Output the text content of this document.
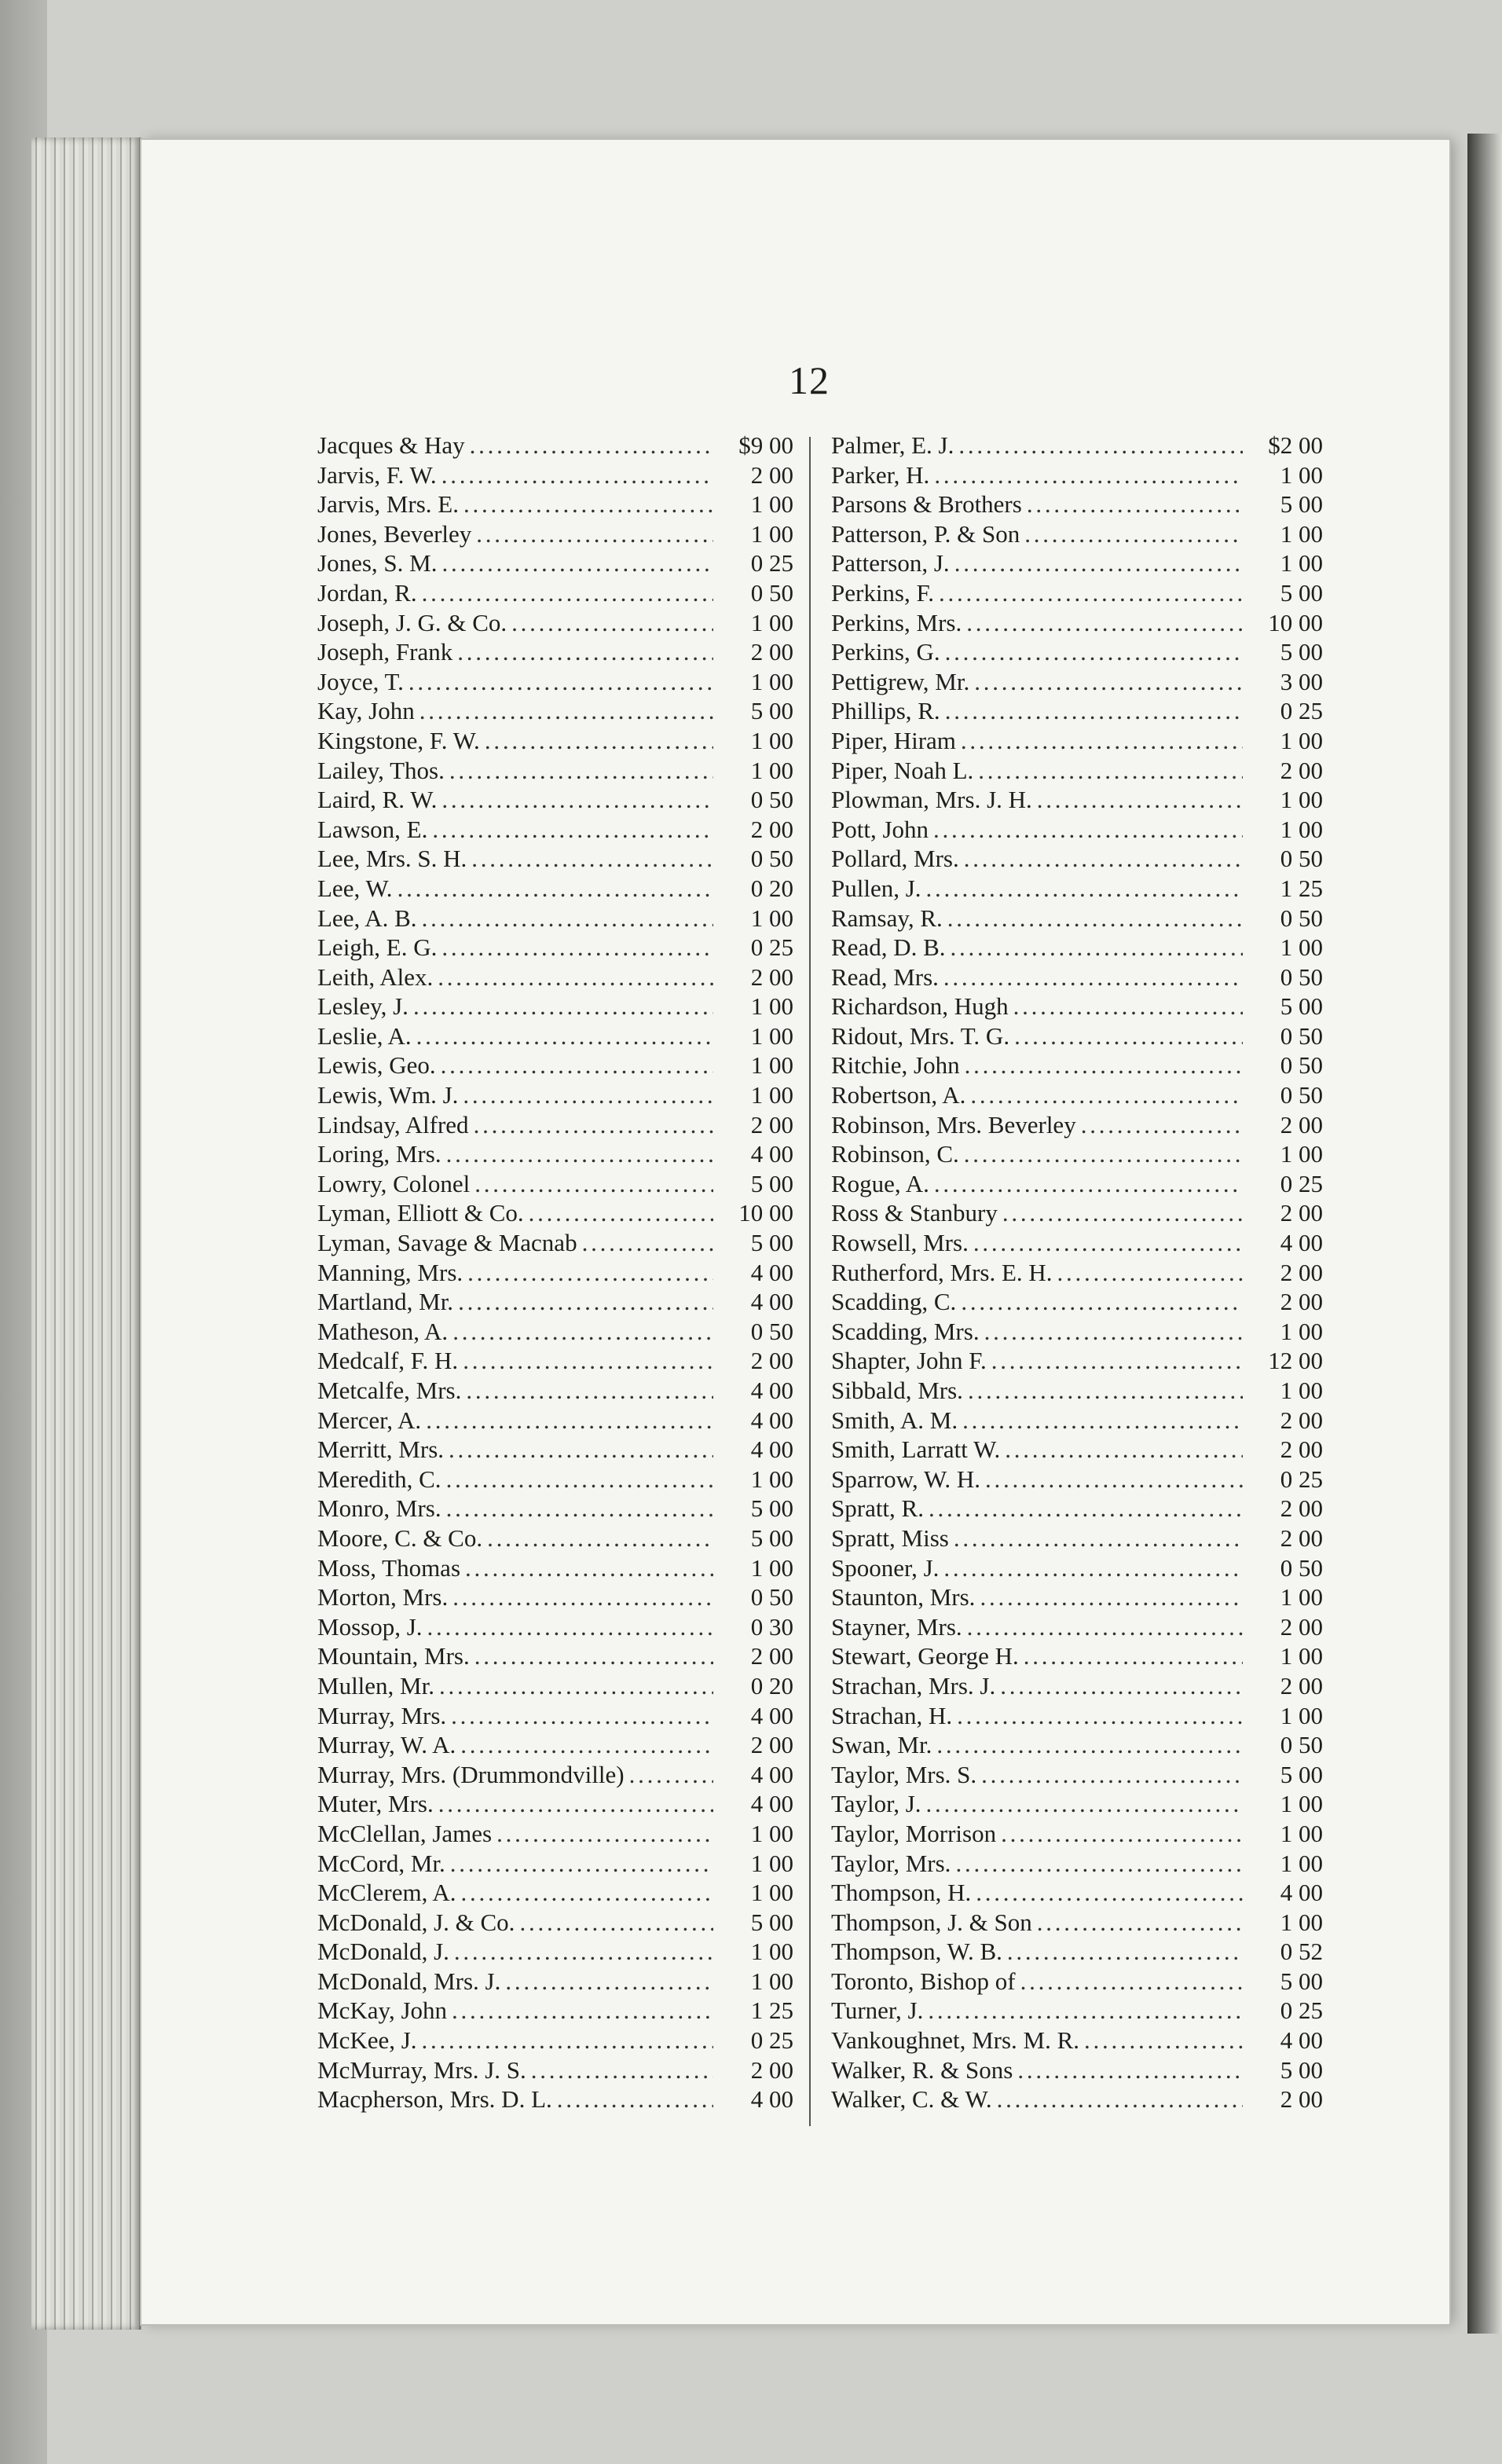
12
Jacques & Hay . . .	$9 00
Jarvis, F. W. . . .	2 00
Jarvis, Mrs. E. . . .	1 00
Jones, Beverley . . .	1 00
Jones, S. M. . . .	0 25
Jordan, R. . . .	0 50
Joseph, J. G. & Co. . . .	1 00
Joseph, Frank . . .	2 00
Joyce, T. . . .	1 00
Kay, John . . .	5 00
Kingstone, F. W. . . .	1 00
Lailey, Thos. . . .	1 00
Laird, R. W. . . .	0 50
Lawson, E. . . .	2 00
Lee, Mrs. S. H. . . .	0 50
Lee, W. . . .	0 20
Lee, A. B. . . .	1 00
Leigh, E. G. . . .	0 25
Leith, Alex. . . .	2 00
Lesley, J. . . .	1 00
Leslie, A. . . .	1 00
Lewis, Geo. . . .	1 00
Lewis, Wm. J. . . .	1 00
Lindsay, Alfred . . .	2 00
Loring, Mrs. . . .	4 00
Lowry, Colonel . . .	5 00
Lyman, Elliott & Co. . . .	10 00
Lyman, Savage & Macnab . . .	5 00
Manning, Mrs. . . .	4 00
Martland, Mr. . . .	4 00
Matheson, A. . . .	0 50
Medcalf, F. H. . . .	2 00
Metcalfe, Mrs. . . .	4 00
Mercer, A. . . .	4 00
Merritt, Mrs. . . .	4 00
Meredith, C. . . .	1 00
Monro, Mrs. . . .	5 00
Moore, C. & Co. . . .	5 00
Moss, Thomas . . .	1 00
Morton, Mrs. . . .	0 50
Mossop, J. . . .	0 30
Mountain, Mrs. . . .	2 00
Mullen, Mr. . . .	0 20
Murray, Mrs. . . .	4 00
Murray, W. A. . . .	2 00
Murray, Mrs. (Drummondville) . . .	4 00
Muter, Mrs. . . .	4 00
McClellan, James . . .	1 00
McCord, Mr. . . .	1 00
McClerem, A. . . .	1 00
McDonald, J. & Co. . . .	5 00
McDonald, J. . . .	1 00
McDonald, Mrs. J. . . .	1 00
McKay, John . . .	1 25
McKee, J. . . .	0 25
McMurray, Mrs. J. S. . . .	2 00
Macpherson, Mrs. D. L. . . .	4 00
Palmer, E. J. . . .	$2 00
Parker, H. . . .	1 00
Parsons & Brothers . . .	5 00
Patterson, P. & Son . . .	1 00
Patterson, J. . . .	1 00
Perkins, F. . . .	5 00
Perkins, Mrs. . . .	10 00
Perkins, G. . . .	5 00
Pettigrew, Mr. . . .	3 00
Phillips, R. . . .	0 25
Piper, Hiram . . .	1 00
Piper, Noah L. . . .	2 00
Plowman, Mrs. J. H. . . .	1 00
Pott, John . . .	1 00
Pollard, Mrs. . . .	0 50
Pullen, J. . . .	1 25
Ramsay, R. . . .	0 50
Read, D. B. . . .	1 00
Read, Mrs. . . .	0 50
Richardson, Hugh . . .	5 00
Ridout, Mrs. T. G. . . .	0 50
Ritchie, John . . .	0 50
Robertson, A. . . .	0 50
Robinson, Mrs. Beverley . . .	2 00
Robinson, C. . . .	1 00
Rogue, A. . . .	0 25
Ross & Stanbury . . .	2 00
Rowsell, Mrs. . . .	4 00
Rutherford, Mrs. E. H. . . .	2 00
Scadding, C. . . .	2 00
Scadding, Mrs. . . .	1 00
Shapter, John F. . . .	12 00
Sibbald, Mrs. . . .	1 00
Smith, A. M. . . .	2 00
Smith, Larratt W. . . .	2 00
Sparrow, W. H. . . .	0 25
Spratt, R. . . .	2 00
Spratt, Miss . . .	2 00
Spooner, J. . . .	0 50
Staunton, Mrs. . . .	1 00
Stayner, Mrs. . . .	2 00
Stewart, George H. . . .	1 00
Strachan, Mrs. J. . . .	2 00
Strachan, H. . . .	1 00
Swan, Mr. . . .	0 50
Taylor, Mrs. S. . . .	5 00
Taylor, J. . . .	1 00
Taylor, Morrison . . .	1 00
Taylor, Mrs. . . .	1 00
Thompson, H. . . .	4 00
Thompson, J. & Son . . .	1 00
Thompson, W. B. . . .	0 52
Toronto, Bishop of . . .	5 00
Turner, J. . . .	0 25
Vankoughnet, Mrs. M. R. . . .	4 00
Walker, R. & Sons . . .	5 00
Walker, C. & W. . . .	2 00
